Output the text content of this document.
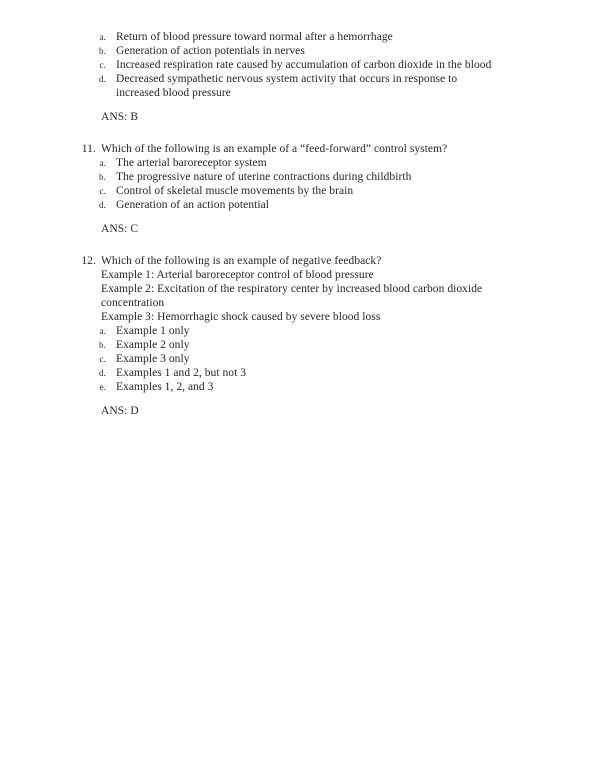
a. Return of blood pressure toward normal after a hemorrhage
b. Generation of action potentials in nerves
c. Increased respiration rate caused by accumulation of carbon dioxide in the blood
d. Decreased sympathetic nervous system activity that occurs in response to
increased blood pressure
ANS: B
11. Which of the following is an example of a “feed-forward” control system?
a. The arterial baroreceptor system
b. The progressive nature of uterine contractions during childbirth
c. Control of skeletal muscle movements by the brain
d. Generation of an action potential
ANS: C
12. Which of the following is an example of negative feedback?
Example 1: Arterial baroreceptor control of blood pressure
Example 2: Excitation of the respiratory center by increased blood carbon dioxide
concentration
Example 3: Hemorrhagic shock caused by severe blood loss
a. Example 1 only
b. Example 2 only
c. Example 3 only
d. Examples 1 and 2, but not 3
e. Examples 1, 2, and 3
ANS: D
